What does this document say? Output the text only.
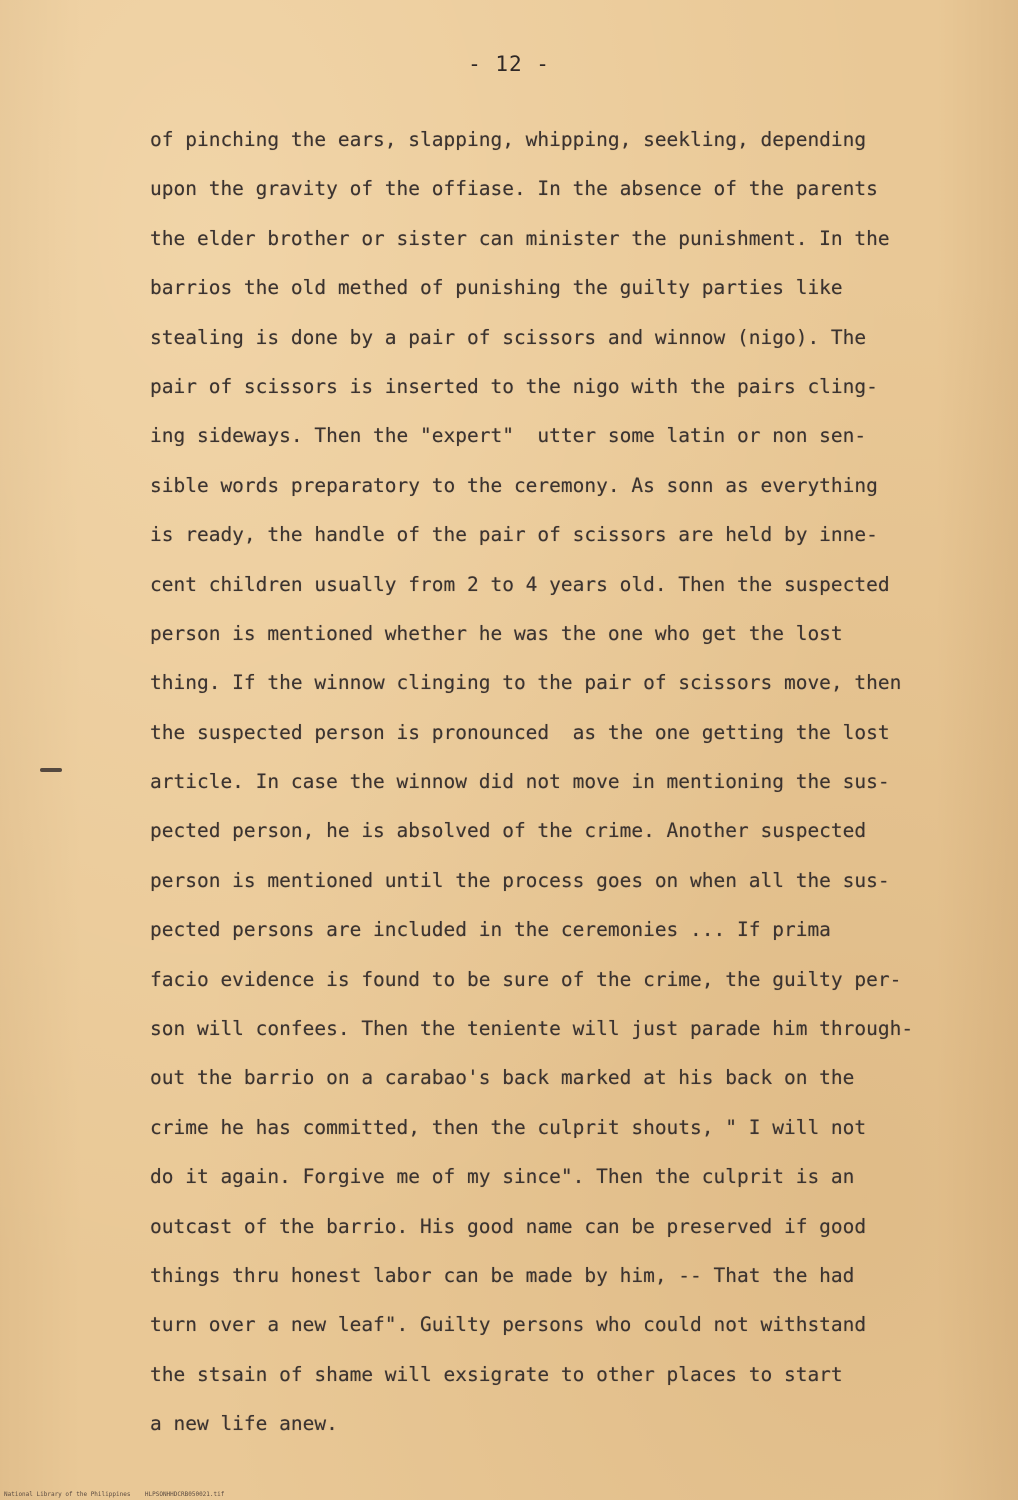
- 12 -
of pinching the ears, slapping, whipping, seekling, depending
upon the gravity of the offiase. In the absence of the parents
the elder brother or sister can minister the punishment. In the
barrios the old methed of punishing the guilty parties like
stealing is done by a pair of scissors and winnow (nigo). The
pair of scissors is inserted to the nigo with the pairs cling-
ing sideways. Then the "expert"  utter some latin or non sen-
sible words preparatory to the ceremony. As sonn as everything
is ready, the handle of the pair of scissors are held by inne-
cent children usually from 2 to 4 years old. Then the suspected
person is mentioned whether he was the one who get the lost
thing. If the winnow clinging to the pair of scissors move, then
the suspected person is pronounced  as the one getting the lost
article. In case the winnow did not move in mentioning the sus-
pected person, he is absolved of the crime. Another suspected
person is mentioned until the process goes on when all the sus-
pected persons are included in the ceremonies ... If prima
facio evidence is found to be sure of the crime, the guilty per-
son will confees. Then the teniente will just parade him through-
out the barrio on a carabao's back marked at his back on the
crime he has committed, then the culprit shouts, " I will not
do it again. Forgive me of my since". Then the culprit is an
outcast of the barrio. His good name can be preserved if good
things thru honest labor can be made by him, -- That the had
turn over a new leaf". Guilty persons who could not withstand
the stsain of shame will exsigrate to other places to start
a new life anew.
National Library of the Philippines    HLPSONHHDCRB050021.tif
